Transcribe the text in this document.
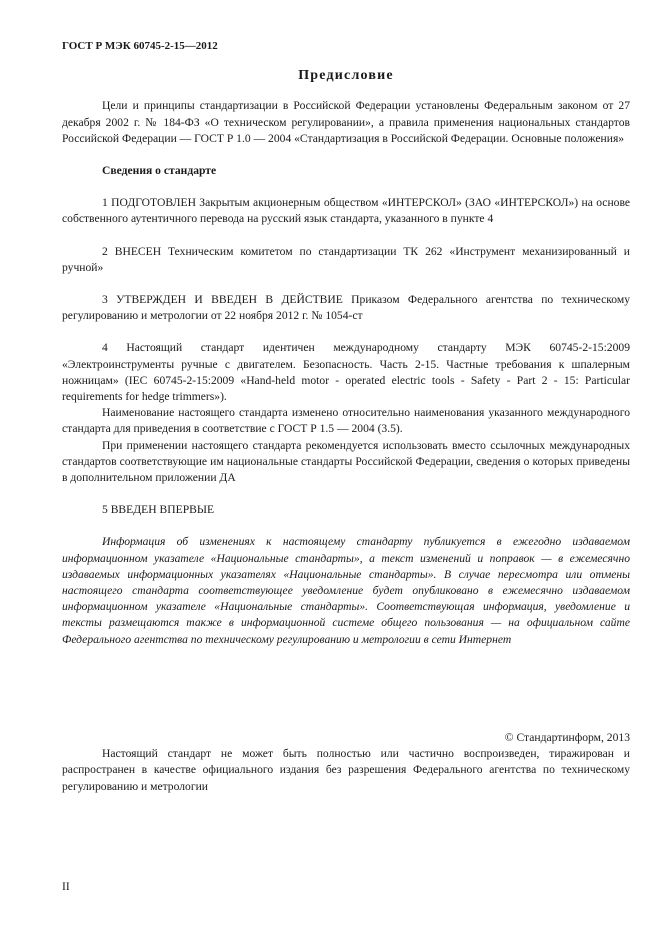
ГОСТ Р МЭК 60745-2-15—2012
Предисловие

Цели и принципы стандартизации в Российской Федерации установлены Федеральным законом от 27 декабря 2002 г. № 184-ФЗ «О техническом регулировании», а правила применения национальных стандартов Российской Федерации — ГОСТ Р 1.0 — 2004 «Стандартизация в Российской Федерации. Основные положения»

Сведения о стандарте

1 ПОДГОТОВЛЕН Закрытым акционерным обществом «ИНТЕРСКОЛ» (ЗАО «ИНТЕРСКОЛ») на основе собственного аутентичного перевода на русский язык стандарта, указанного в пункте 4

2 ВНЕСЕН Техническим комитетом по стандартизации ТК 262 «Инструмент механизированный и ручной»

3 УТВЕРЖДЕН И ВВЕДЕН В ДЕЙСТВИЕ Приказом Федерального агентства по техническому регулированию и метрологии от 22 ноября 2012 г. № 1054-ст

4 Настоящий стандарт идентичен международному стандарту МЭК 60745-2-15:2009 «Электроинструменты ручные с двигателем. Безопасность. Часть 2-15. Частные требования к шпалерным ножницам» (IEC 60745-2-15:2009 «Hand-held motor - operated electric tools - Safety - Part 2 - 15: Particular requirements for hedge trimmers»).

Наименование настоящего стандарта изменено относительно наименования указанного международного стандарта для приведения в соответствие с ГОСТ Р 1.5 — 2004 (3.5).

При применении настоящего стандарта рекомендуется использовать вместо ссылочных международных стандартов соответствующие им национальные стандарты Российской Федерации, сведения о которых приведены в дополнительном приложении ДА

5 ВВЕДЕН ВПЕРВЫЕ

Информация об изменениях к настоящему стандарту публикуется в ежегодно издаваемом информационном указателе «Национальные стандарты», а текст изменений и поправок — в ежемесячно издаваемых информационных указателях «Национальные стандарты». В случае пересмотра или отмены настоящего стандарта соответствующее уведомление будет опубликовано в ежемесячно издаваемом информационном указателе «Национальные стандарты». Соответствующая информация, уведомление и тексты размещаются также в информационной системе общего пользования — на официальном сайте Федерального агентства по техническому регулированию и метрологии в сети Интернет

© Стандартинформ, 2013

Настоящий стандарт не может быть полностью или частично воспроизведен, тиражирован и распространен в качестве официального издания без разрешения Федерального агентства по техническому регулированию и метрологии

II
